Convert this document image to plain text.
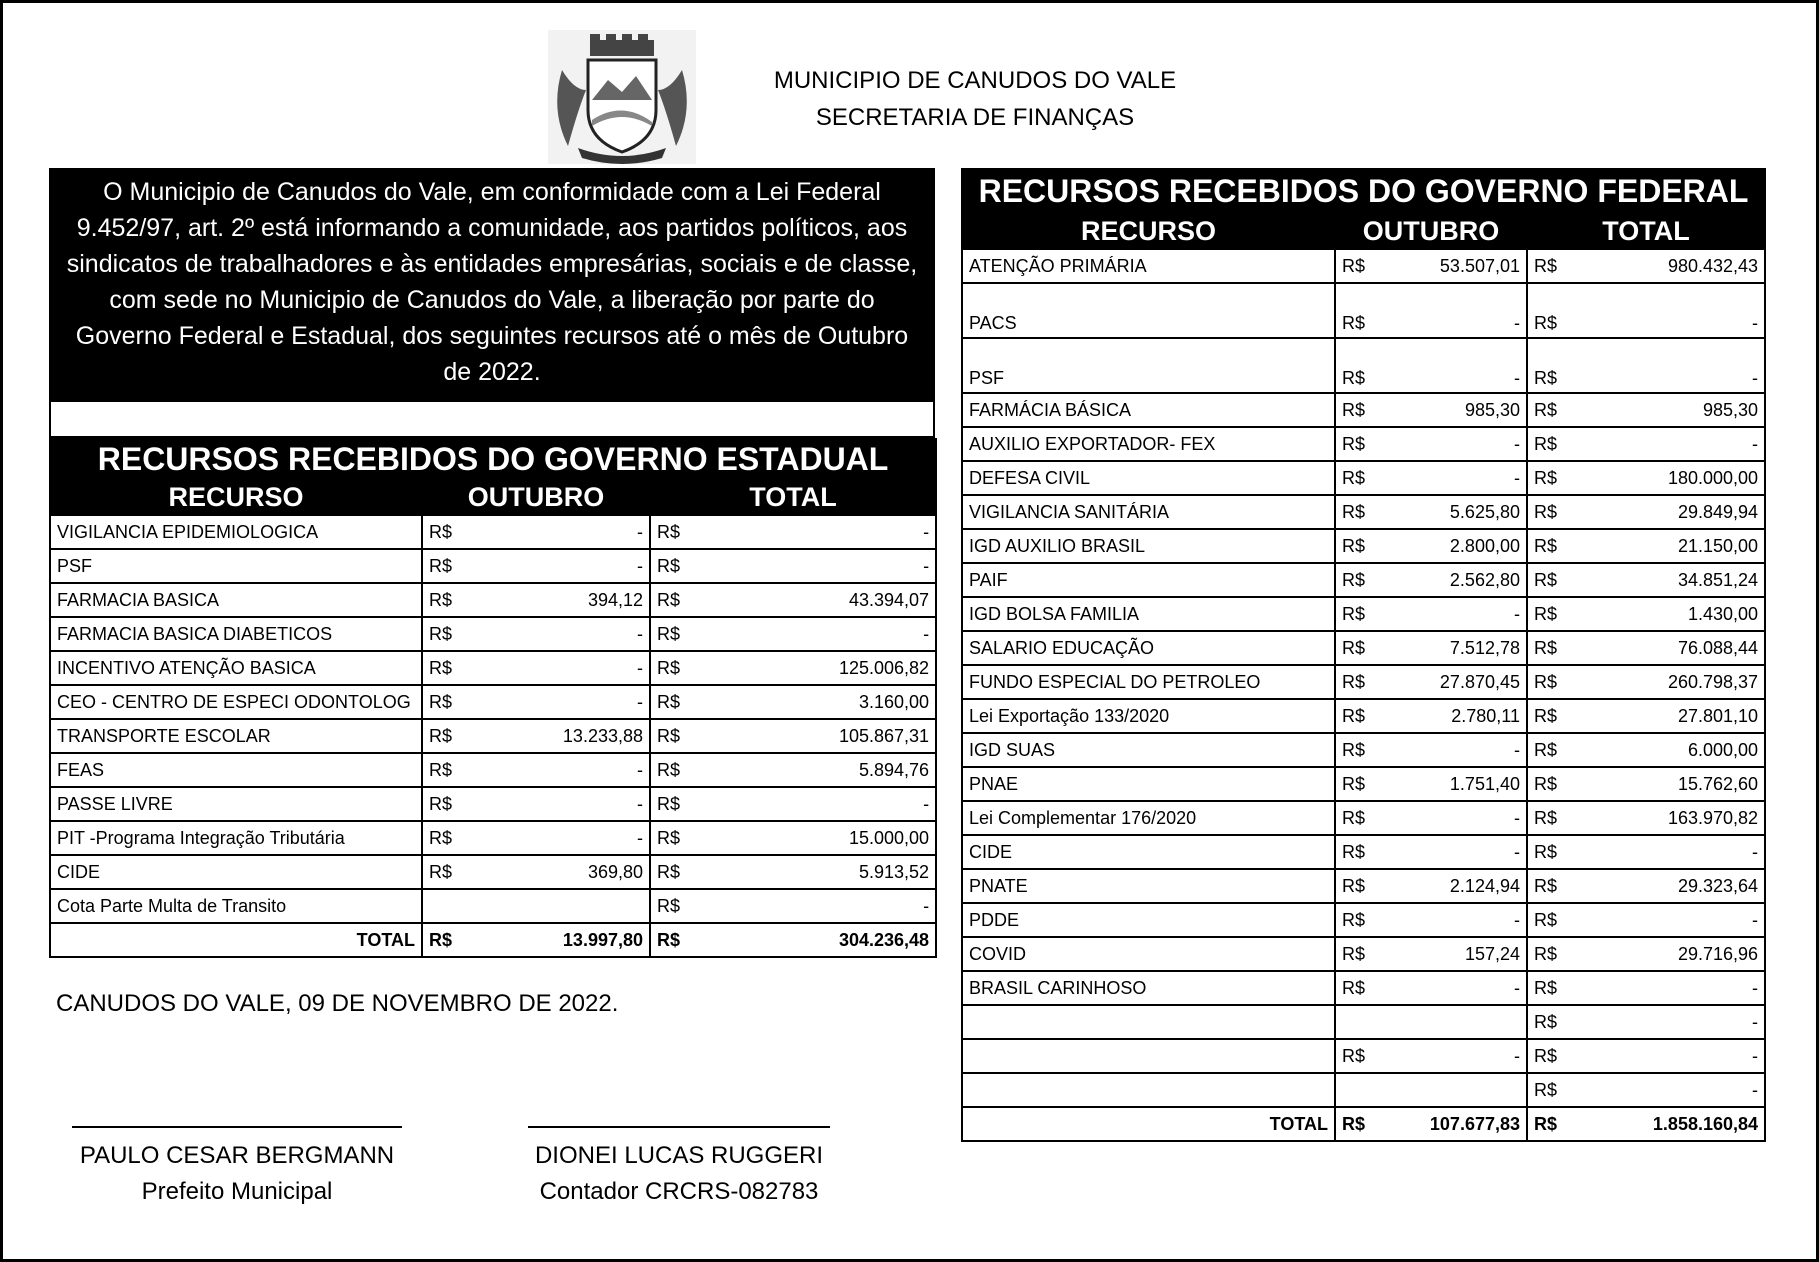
MUNICIPIO DE CANUDOS DO VALE
SECRETARIA DE FINANÇAS
O Municipio de Canudos do Vale, em conformidade com a Lei Federal 9.452/97, art. 2º está informando a comunidade, aos partidos políticos, aos sindicatos de trabalhadores e às entidades empresárias, sociais e de classe, com sede no Municipio de Canudos do Vale, a liberação por parte do Governo Federal e Estadual, dos seguintes recursos até o mês de Outubro de 2022.
RECURSOS RECEBIDOS DO GOVERNO ESTADUAL				
RECURSO	OUTUBRO		TOTAL	
VIGILANCIA EPIDEMIOLOGICA	R$	-	R$	-
PSF	R$	-	R$	-
FARMACIA BASICA	R$	394,12	R$	43.394,07
FARMACIA BASICA DIABETICOS	R$	-	R$	-
INCENTIVO ATENÇÃO BASICA	R$	-	R$	125.006,82
CEO - CENTRO DE ESPECI ODONTOLOG	R$	-	R$	3.160,00
TRANSPORTE ESCOLAR	R$	13.233,88	R$	105.867,31
FEAS	R$	-	R$	5.894,76
PASSE LIVRE	R$	-	R$	-
PIT -Programa Integração Tributária	R$	-	R$	15.000,00
CIDE	R$	369,80	R$	5.913,52
Cota Parte Multa de Transito			R$	-
TOTAL	R$	13.997,80	R$	304.236,48
RECURSOS RECEBIDOS DO GOVERNO FEDERAL				
RECURSO	OUTUBRO		TOTAL	
ATENÇÃO PRIMÁRIA	R$	53.507,01	R$	980.432,43
PACS	R$	-	R$	-
PSF	R$	-	R$	-
FARMÁCIA BÁSICA	R$	985,30	R$	985,30
AUXILIO EXPORTADOR- FEX	R$	-	R$	-
DEFESA CIVIL	R$	-	R$	180.000,00
VIGILANCIA SANITÁRIA	R$	5.625,80	R$	29.849,94
IGD AUXILIO BRASIL	R$	2.800,00	R$	21.150,00
PAIF	R$	2.562,80	R$	34.851,24
IGD BOLSA FAMILIA	R$	-	R$	1.430,00
SALARIO EDUCAÇÃO	R$	7.512,78	R$	76.088,44
FUNDO ESPECIAL DO PETROLEO	R$	27.870,45	R$	260.798,37
Lei Exportação 133/2020	R$	2.780,11	R$	27.801,10
IGD SUAS	R$	-	R$	6.000,00
PNAE	R$	1.751,40	R$	15.762,60
Lei Complementar 176/2020	R$	-	R$	163.970,82
CIDE	R$	-	R$	-
PNATE	R$	2.124,94	R$	29.323,64
PDDE	R$	-	R$	-
COVID	R$	157,24	R$	29.716,96
BRASIL CARINHOSO	R$	-	R$	-
			R$	-
	R$	-	R$	-
			R$	-
TOTAL	R$	107.677,83	R$	1.858.160,84
CANUDOS DO VALE, 09 DE NOVEMBRO DE 2022.
PAULO CESAR BERGMANN
Prefeito Municipal
DIONEI LUCAS RUGGERI
Contador CRCRS-082783
